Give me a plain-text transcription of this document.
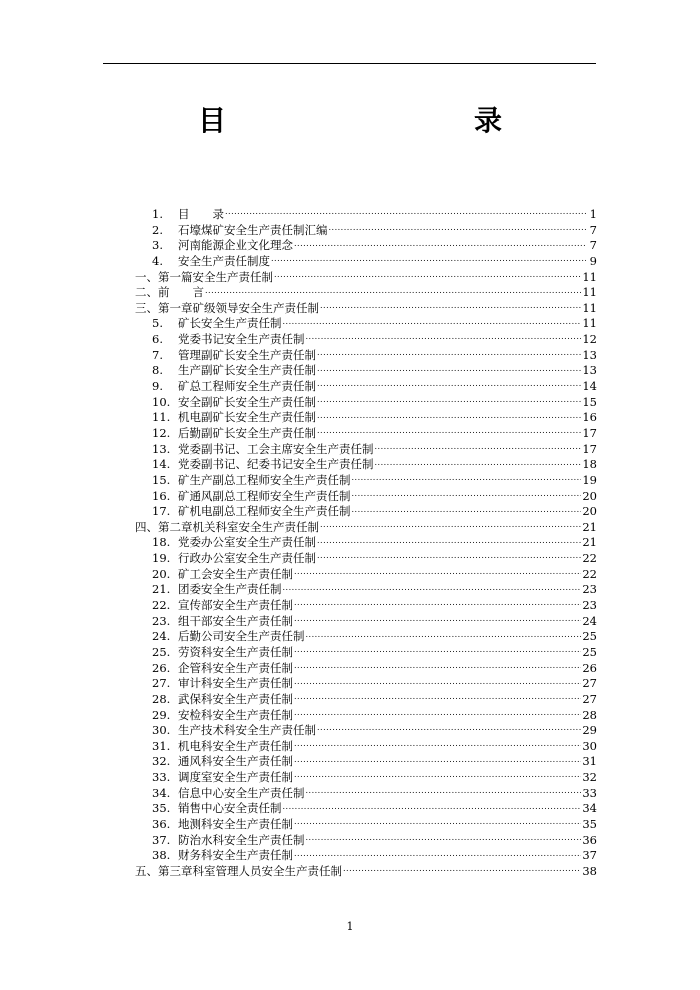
目　　录
1.	目　　录 .....	1
2.	石壕煤矿安全生产责任制汇编 .....	7
3.	河南能源企业文化理念 .....	7
4.	安全生产责任制度 .....	9
一、第一篇安全生产责任制 .....	11
二、前　　言 .....	11
三、第一章矿级领导安全生产责任制 .....	11
5.	矿长安全生产责任制 .....	11
6.	党委书记安全生产责任制 .....	12
7.	管理副矿长安全生产责任制 .....	13
8.	生产副矿长安全生产责任制 .....	13
9.	矿总工程师安全生产责任制 .....	14
10. 安全副矿长安全生产责任制 .....	15
11. 机电副矿长安全生产责任制 .....	16
12. 后勤副矿长安全生产责任制 .....	17
13. 党委副书记、工会主席安全生产责任制 .....	17
14. 党委副书记、纪委书记安全生产责任制 .....	18
15. 矿生产副总工程师安全生产责任制 .....	19
16. 矿通风副总工程师安全生产责任制 .....	20
17. 矿机电副总工程师安全生产责任制 .....	20
四、第二章机关科室安全生产责任制 .....	21
18. 党委办公室安全生产责任制 .....	21
19. 行政办公室安全生产责任制 .....	22
20. 矿工会安全生产责任制 .....	22
21. 团委安全生产责任制 .....	23
22. 宣传部安全生产责任制 .....	23
23. 组干部安全生产责任制 .....	24
24. 后勤公司安全生产责任制 .....	25
25. 劳资科安全生产责任制 .....	25
26. 企管科安全生产责任制 .....	26
27. 审计科安全生产责任制 .....	27
28. 武保科安全生产责任制 .....	27
29. 安检科安全生产责任制 .....	28
30. 生产技术科安全生产责任制 .....	29
31. 机电科安全生产责任制 .....	30
32. 通风科安全生产责任制 .....	31
33. 调度室安全生产责任制 .....	32
34. 信息中心安全生产责任制 .....	33
35. 销售中心安全责任制 .....	34
36. 地测科安全生产责任制 .....	35
37. 防治水科安全生产责任制 .....	36
38. 财务科安全生产责任制 .....	37
五、第三章科室管理人员安全生产责任制 .....	38
1
